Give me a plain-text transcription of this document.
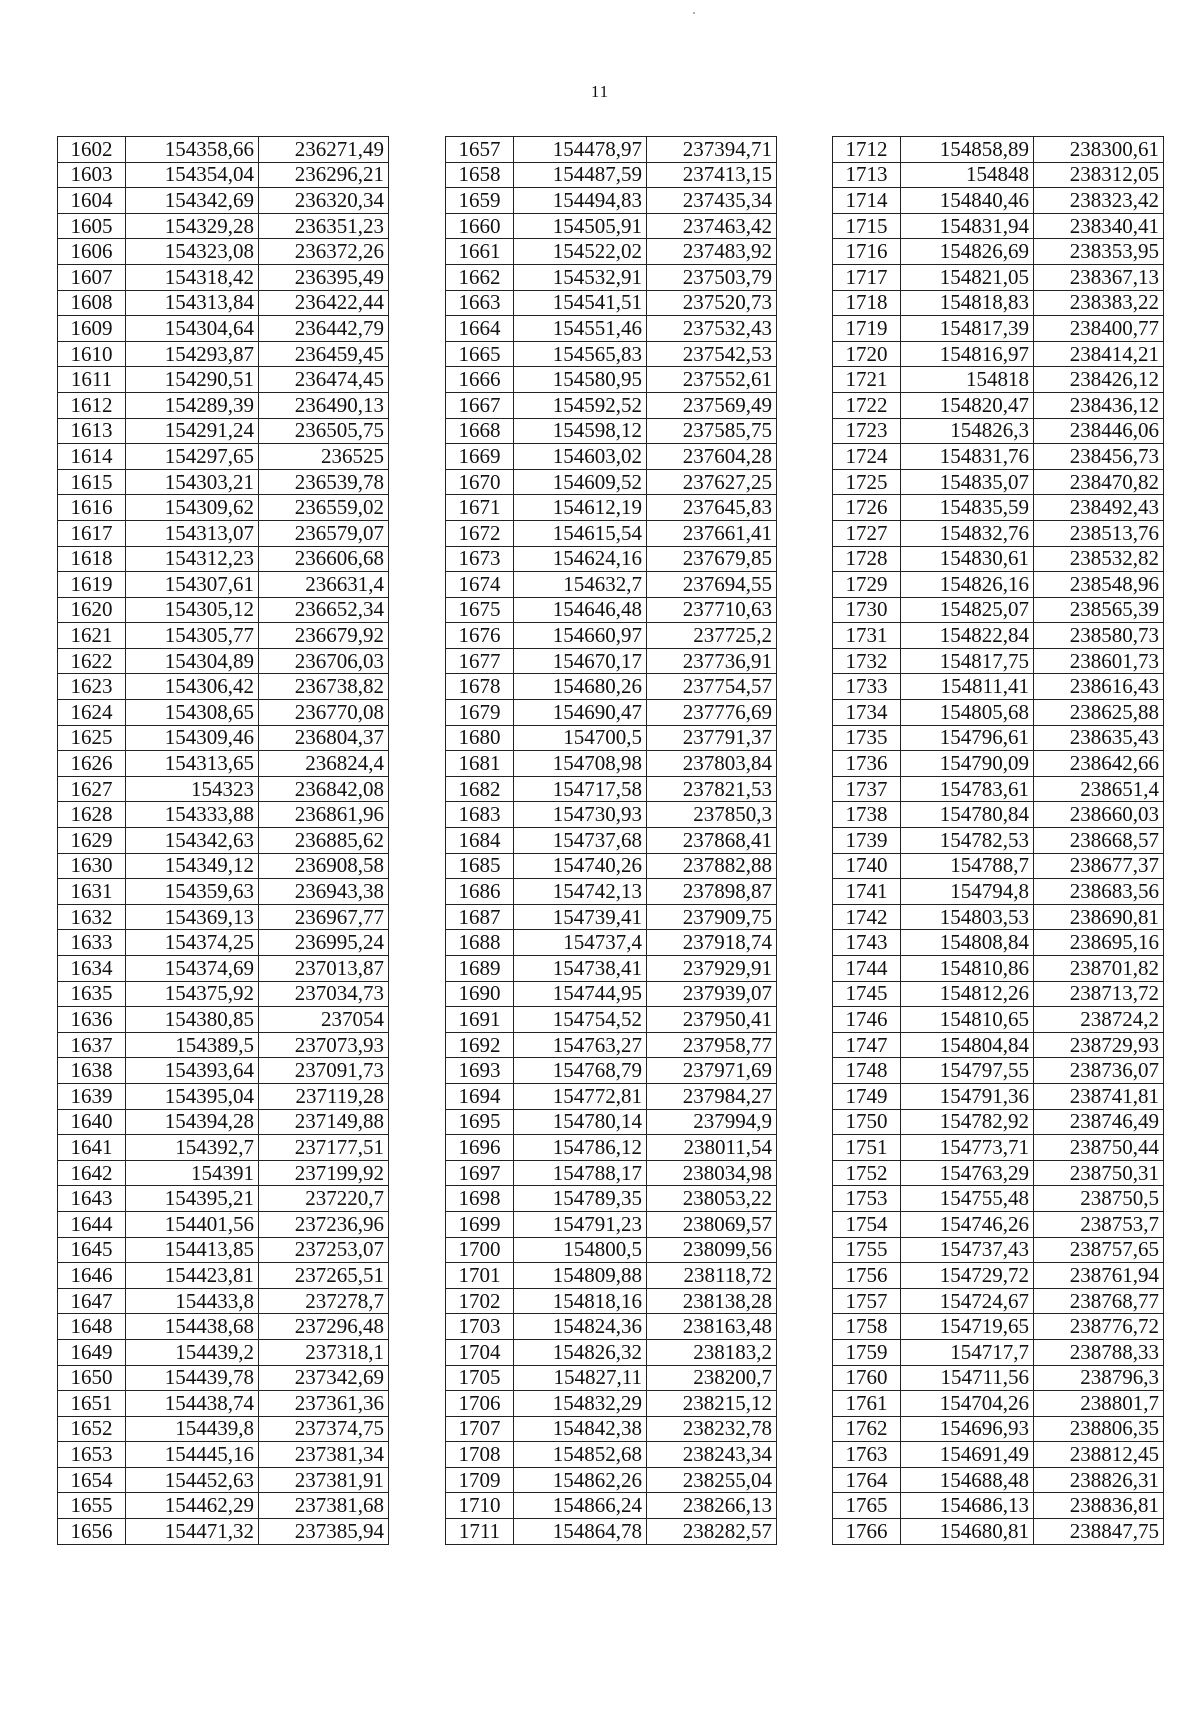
11
1602	154358,66	236271,49
1603	154354,04	236296,21
1604	154342,69	236320,34
1605	154329,28	236351,23
1606	154323,08	236372,26
1607	154318,42	236395,49
1608	154313,84	236422,44
1609	154304,64	236442,79
1610	154293,87	236459,45
1611	154290,51	236474,45
1612	154289,39	236490,13
1613	154291,24	236505,75
1614	154297,65	236525
1615	154303,21	236539,78
1616	154309,62	236559,02
1617	154313,07	236579,07
1618	154312,23	236606,68
1619	154307,61	236631,4
1620	154305,12	236652,34
1621	154305,77	236679,92
1622	154304,89	236706,03
1623	154306,42	236738,82
1624	154308,65	236770,08
1625	154309,46	236804,37
1626	154313,65	236824,4
1627	154323	236842,08
1628	154333,88	236861,96
1629	154342,63	236885,62
1630	154349,12	236908,58
1631	154359,63	236943,38
1632	154369,13	236967,77
1633	154374,25	236995,24
1634	154374,69	237013,87
1635	154375,92	237034,73
1636	154380,85	237054
1637	154389,5	237073,93
1638	154393,64	237091,73
1639	154395,04	237119,28
1640	154394,28	237149,88
1641	154392,7	237177,51
1642	154391	237199,92
1643	154395,21	237220,7
1644	154401,56	237236,96
1645	154413,85	237253,07
1646	154423,81	237265,51
1647	154433,8	237278,7
1648	154438,68	237296,48
1649	154439,2	237318,1
1650	154439,78	237342,69
1651	154438,74	237361,36
1652	154439,8	237374,75
1653	154445,16	237381,34
1654	154452,63	237381,91
1655	154462,29	237381,68
1656	154471,32	237385,94
1657	154478,97	237394,71
1658	154487,59	237413,15
1659	154494,83	237435,34
1660	154505,91	237463,42
1661	154522,02	237483,92
1662	154532,91	237503,79
1663	154541,51	237520,73
1664	154551,46	237532,43
1665	154565,83	237542,53
1666	154580,95	237552,61
1667	154592,52	237569,49
1668	154598,12	237585,75
1669	154603,02	237604,28
1670	154609,52	237627,25
1671	154612,19	237645,83
1672	154615,54	237661,41
1673	154624,16	237679,85
1674	154632,7	237694,55
1675	154646,48	237710,63
1676	154660,97	237725,2
1677	154670,17	237736,91
1678	154680,26	237754,57
1679	154690,47	237776,69
1680	154700,5	237791,37
1681	154708,98	237803,84
1682	154717,58	237821,53
1683	154730,93	237850,3
1684	154737,68	237868,41
1685	154740,26	237882,88
1686	154742,13	237898,87
1687	154739,41	237909,75
1688	154737,4	237918,74
1689	154738,41	237929,91
1690	154744,95	237939,07
1691	154754,52	237950,41
1692	154763,27	237958,77
1693	154768,79	237971,69
1694	154772,81	237984,27
1695	154780,14	237994,9
1696	154786,12	238011,54
1697	154788,17	238034,98
1698	154789,35	238053,22
1699	154791,23	238069,57
1700	154800,5	238099,56
1701	154809,88	238118,72
1702	154818,16	238138,28
1703	154824,36	238163,48
1704	154826,32	238183,2
1705	154827,11	238200,7
1706	154832,29	238215,12
1707	154842,38	238232,78
1708	154852,68	238243,34
1709	154862,26	238255,04
1710	154866,24	238266,13
1711	154864,78	238282,57
1712	154858,89	238300,61
1713	154848	238312,05
1714	154840,46	238323,42
1715	154831,94	238340,41
1716	154826,69	238353,95
1717	154821,05	238367,13
1718	154818,83	238383,22
1719	154817,39	238400,77
1720	154816,97	238414,21
1721	154818	238426,12
1722	154820,47	238436,12
1723	154826,3	238446,06
1724	154831,76	238456,73
1725	154835,07	238470,82
1726	154835,59	238492,43
1727	154832,76	238513,76
1728	154830,61	238532,82
1729	154826,16	238548,96
1730	154825,07	238565,39
1731	154822,84	238580,73
1732	154817,75	238601,73
1733	154811,41	238616,43
1734	154805,68	238625,88
1735	154796,61	238635,43
1736	154790,09	238642,66
1737	154783,61	238651,4
1738	154780,84	238660,03
1739	154782,53	238668,57
1740	154788,7	238677,37
1741	154794,8	238683,56
1742	154803,53	238690,81
1743	154808,84	238695,16
1744	154810,86	238701,82
1745	154812,26	238713,72
1746	154810,65	238724,2
1747	154804,84	238729,93
1748	154797,55	238736,07
1749	154791,36	238741,81
1750	154782,92	238746,49
1751	154773,71	238750,44
1752	154763,29	238750,31
1753	154755,48	238750,5
1754	154746,26	238753,7
1755	154737,43	238757,65
1756	154729,72	238761,94
1757	154724,67	238768,77
1758	154719,65	238776,72
1759	154717,7	238788,33
1760	154711,56	238796,3
1761	154704,26	238801,7
1762	154696,93	238806,35
1763	154691,49	238812,45
1764	154688,48	238826,31
1765	154686,13	238836,81
1766	154680,81	238847,75
